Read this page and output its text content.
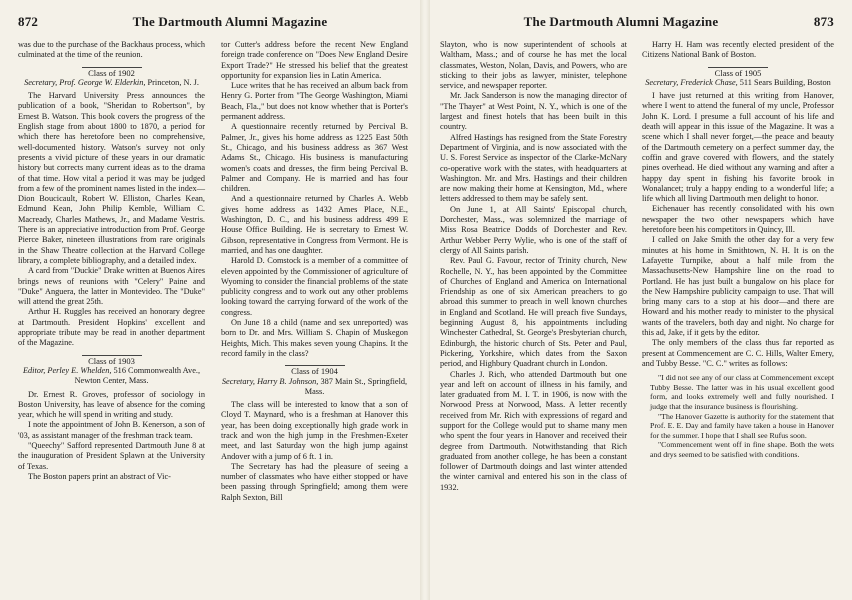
872	The Dartmouth Alumni Magazine

was due to the purchase of the Backhaus process, which culminated at the time of the reunion.

Class of 1902

Secretary, Prof. George W. Elderkin, Princeton, N. J.

The Harvard University Press announces the publication of a book, "Sheridan to Robertson", by Ernest B. Watson. This book covers the progress of the English stage from about 1800 to 1870, a period for which there has heretofore been no comprehensive, well-documented history. Watson's survey not only presents a vivid picture of these years in our dramatic history but corrects many current ideas as to the drama of that time. How vital a period it was may be judged from a few of the prominent names listed in the index—Dion Boucicault, Robert W. Elliston, Charles Kean, Edmund Kean, John Philip Kemble, William C. Macready, Charles Mathews, Jr., and Madame Vestris. There is an appreciative introduction from Prof. George Pierce Baker, nineteen illustrations from rare originals in the Shaw Theatre collection at the Harvard College library, a complete bibliography, and a detailed index.

A card from "Duckie" Drake written at Buenos Aires brings news of reunions with "Celery" Paine and "Duke" Anguera, the latter in Montevideo. The "Duke" will attend the great 25th.

Arthur H. Ruggles has received an honorary degree at Dartmouth. President Hopkins' excellent and appropriate tribute may be read in another department of the Magazine.

Class of 1903

Editor, Perley E. Whelden, 516 Commonwealth Ave., Newton Center, Mass.

Dr. Ernest R. Groves, professor of sociology in Boston University, has leave of absence for the coming year, which he will spend in writing and study.

I note the appointment of John B. Kenerson, a son of '03, as assistant manager of the freshman track team.

"Queechy" Safford represented Dartmouth June 8 at the inauguration of President Splawn at the University of Texas.

The Boston papers print an abstract of Vic-

tor Cutter's address before the recent New England foreign trade conference on "Does New England Desire Export Trade?" He stressed his belief that the greatest opportunity for expansion lies in Latin America.

Luce writes that he has received an album back from Henry G. Porter from "The George Washington, Miami Beach, Fla.," but does not know whether that is Porter's permanent address.

A questionnaire recently returned by Percival B. Palmer, Jr., gives his home address as 1225 East 50th St., Chicago, and his business address as 367 West Adams St., Chicago. His business is manufacturing women's coats and dresses, the firm being Percival B. Palmer and Company. He is married and has four children.

And a questionnaire returned by Charles A. Webb gives home address as 1432 Ames Place, N.E., Washington, D. C., and his business address 499 E House Office Building. He is secretary to Ernest W. Gibson, representative in Congress from Vermont. He is married, and has one daughter.

Harold D. Comstock is a member of a committee of eleven appointed by the Commissioner of agriculture of Wyoming to consider the financial problems of the state publicity congress and to work out any other problems looking toward the carrying forward of the work of the congress.

On June 18 a child (name and sex unreported) was born to Dr. and Mrs. William S. Chapin of Muskegon Heights, Mich. This makes seven young Chapins. It the record family in the class?

Class of 1904

Secretary, Harry B. Johnson, 387 Main St., Springfield, Mass.

The class will be interested to know that a son of Cloyd T. Maynard, who is a freshman at Hanover this year, has been doing exceptionally high grade work in track and won the high jump in the Freshmen-Exeter meet, and last Saturday won the high jump against Andover with a jump of 6 ft. 1 in.

The Secretary has had the pleasure of seeing a number of classmates who have either stopped or have been passing through Springfield; among them were Ralph Sexton, Bill

The Dartmouth Alumni Magazine	873

Slayton, who is now superintendent of schools at Waltham, Mass.; and of course he has met the local classmates, Weston, Nolan, Davis, and Powers, who are sticking to their jobs as lawyer, minister, telephone service, and newspaper reporter.

Mr. Jack Sanderson is now the managing director of "The Thayer" at West Point, N. Y., which is one of the largest and finest hotels that has been built in this country.

Alfred Hastings has resigned from the State Forestry Department of Virginia, and is now associated with the U. S. Forest Service as inspector of the Clarke-McNary co-operative work with the states, with headquarters at Washington. Mr. and Mrs. Hastings and their children are now making their home at Kensington, Md., where letters addressed to them may be safely sent.

On June 1, at All Saints' Episcopal church, Dorchester, Mass., was solemnized the marriage of Miss Rosa Beatrice Dodds of Dorchester and Rev. Arthur Webber Perry Wylie, who is one of the staff of clergy of All Saints parish.

Rev. Paul G. Favour, rector of Trinity church, New Rochelle, N. Y., has been appointed by the Committee of Churches of England and America on International Friendship as one of six American preachers to go abroad this summer to preach in well known churches in England and Scotland. He will preach five Sundays, beginning August 8, his appointments including Winchester Cathedral, St. George's Presbyterian church, Edinburgh, the historic church of Sts. Peter and Paul, Pickering, Yorkshire, which dates from the Saxon period, and Highbury Quadrant church in London.

Charles J. Rich, who attended Dartmouth but one year and left on account of illness in his family, and later graduated from M. I. T. in 1906, is now with the Norwood Press at Norwood, Mass. A letter recently received from Mr. Rich with expressions of regard and support for the College would put to shame many men who spent the four years in Hanover and received their degree from Dartmouth. Notwithstanding that Rich graduated from another college, he has been a constant follower of Dartmouth doings and last winter attended the winter carnival and entered his son in the class of 1932.

Harry H. Ham was recently elected president of the Citizens National Bank of Boston.

Class of 1905

Secretary, Frederick Chase, 511 Sears Building, Boston

I have just returned at this writing from Hanover, where I went to attend the funeral of my uncle, Professor John K. Lord. I presume a full account of his life and death will appear in this issue of the Magazine. It was a scene which I shall never forget,—the peace and beauty of the Dartmouth cemetery on a perfect summer day, the coffin and grave covered with flowers, and the stately pines overhead. He died without any warning and after a happy day spent in fishing his favorite brook in Wonalancet; truly a happy ending to a wonderful life; a life which all living Dartmouth men delight to honor.

Eichenauer has recently consolidated with his own newspaper the two other newspapers which have heretofore been his competitors in Quincy, Ill.

I called on Jake Smith the other day for a very few minutes at his home in Smithtown, N. H. It is on the Lafayette Turnpike, about a half mile from the Massachusetts-New Hampshire line on the road to Portland. He has just built a bungalow on his place for the New Hampshire publicity campaign to use. That will bring many cars to a stop at his door—and there are Howard and his mother ready to minister to the physical wants of the travelers, both day and night. No charge for this ad, Jake, if it gets by the editor.

The only members of the class thus far reported as present at Commencement are C. C. Hills, Walter Emery, and Tubby Besse. "C. C." writes as follows:

"I did not see any of our class at Commencement except Tubby Besse. The latter was in his usual excellent good form, and looks extremely well and fully nourished. I judge that the insurance business is flourishing.

"The Hanover Gazette is authority for the statement that Prof. E. E. Day and family have taken a house in Hanover for the summer. I hope that I shall see Rufus soon.

"Commencement went off in fine shape. Both the wets and drys seemed to be satisfied with conditions.
